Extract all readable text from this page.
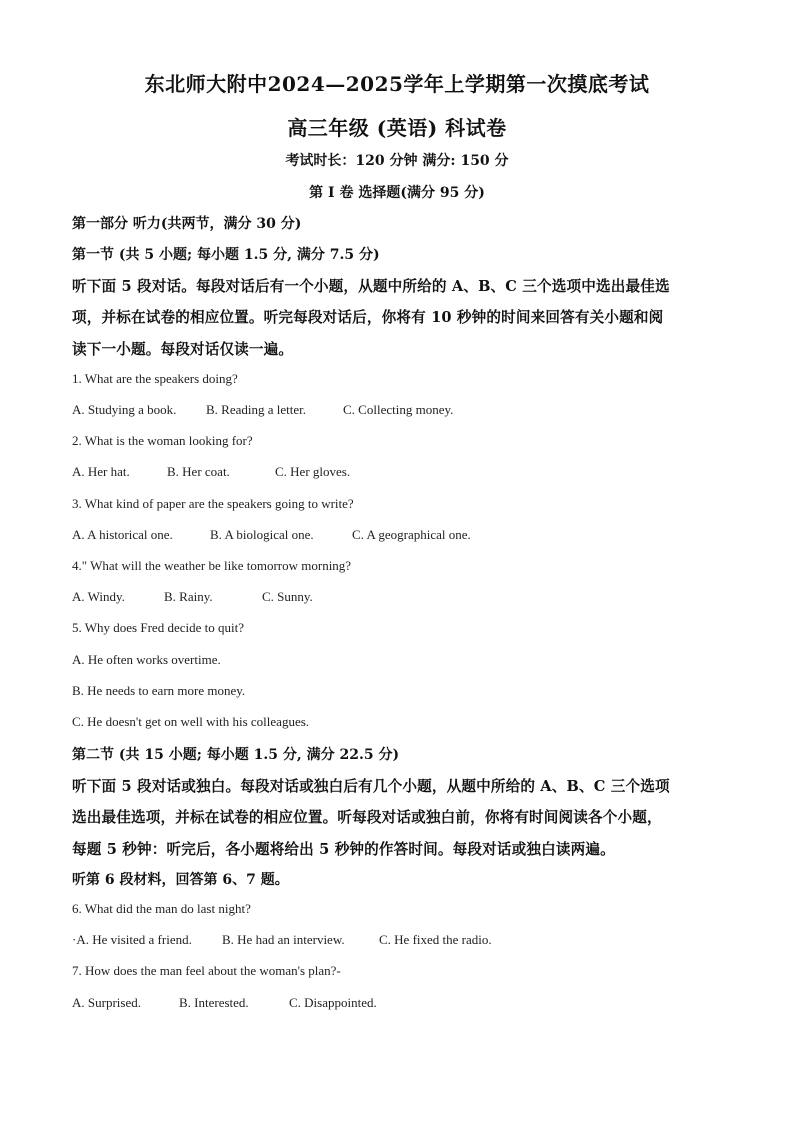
东北师大附中2024—2025学年上学期第一次摸底考试
高三年级 (英语) 科试卷
考试时长：120 分钟 满分: 150 分
第 I 卷 选择题(满分 95 分)
第一部分 听力(共两节，满分 30 分)
第一节 (共 5 小题; 每小题 1.5 分, 满分 7.5 分)
听下面 5 段对话。每段对话后有一个小题，从题中所给的 A、B、C 三个选项中选出最佳选
项，并标在试卷的相应位置。听完每段对话后，你将有 10 秒钟的时间来回答有关小题和阅
读下一小题。每段对话仅读一遍。
1. What are the speakers doing?
A. Studying a book. B. Reading a letter.	C. Collecting money.
2. What is the woman looking for?
A. Her hat.	B. Her coat.	C. Her gloves.
3. What kind of paper are the speakers going to write?
A. A historical one.	B. A biological one.	C. A geographical one.
4." What will the weather be like tomorrow morning?
A. Windy.	B. Rainy.	C. Sunny.
5. Why does Fred decide to quit?
A. He often works overtime.
B. He needs to earn more money.
C. He doesn't get on well with his colleagues.
第二节 (共 15 小题; 每小题 1.5 分, 满分 22.5 分)
听下面 5 段对话或独白。每段对话或独白后有几个小题，从题中所给的 A、B、C 三个选项
选出最佳选项，并标在试卷的相应位置。听每段对话或独白前，你将有时间阅读各个小题，
每题 5 秒钟：听完后，各小题将给出 5 秒钟的作答时间。每段对话或独白读两遍。
听第 6 段材料，回答第 6、7 题。
6. What did the man do last night?
·A. He visited a friend. B. He had an interview.	C. He fixed the radio.
7. How does the man feel about the woman's plan?-
A. Surprised.	B. Interested.	C. Disappointed.
